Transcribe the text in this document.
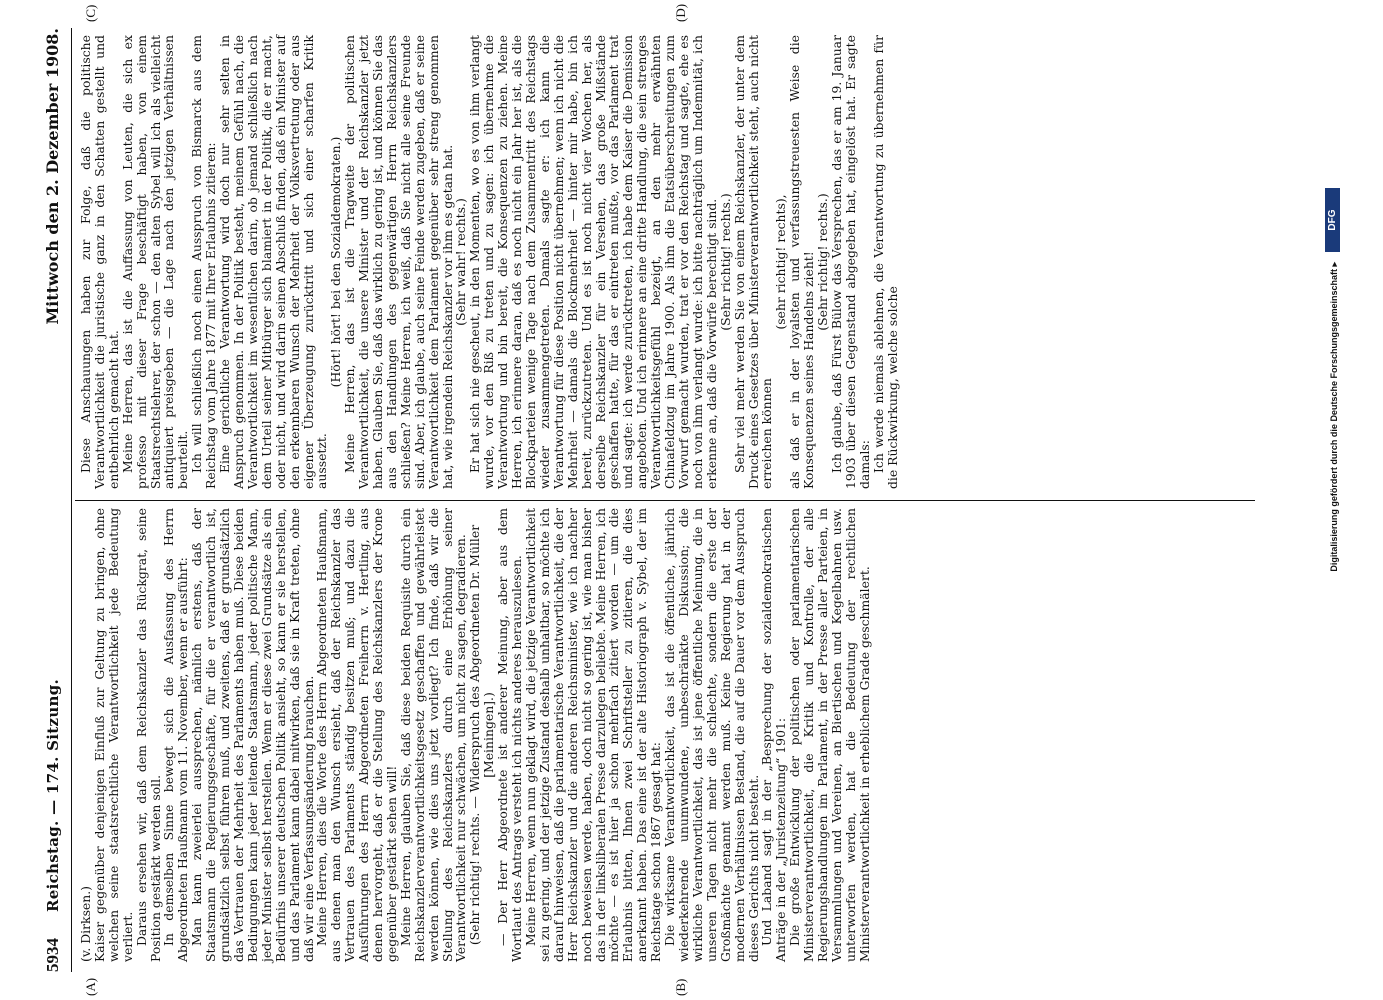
5934
Reichstag. — 174. Sitzung.
Mittwoch den 2. Dezember 1908.
(A)	(B)
(C)	(D)

(v. Dirksen.)

Kaiser gegenüber denjenigen Einfluß zur Geltung zu bringen, ohne welchen seine staatsrechtliche Verantwortlichkeit jede Bedeutung verliert.

Daraus ersehen wir, daß dem Reichskanzler das Rückgrat, seine Position gestärkt werden soll.

In demselben Sinne bewegt sich die Ausfassung des Herrn Abgeordneten Haußmann vom 11. November, wenn er ausführt:

Man kann zweierlei aussprechen, nämlich erstens, daß der Staatsmann die Regierungsgeschäfte, für die er verantwortlich ist, grundsätzlich selbst führen muß, und zweitens, daß er grundsätzlich das Vertrauen der Mehrheit des Parlaments haben muß. Diese beiden Bedingungen kann jeder leitende Staatsmann, jeder politische Mann, jeder Minister selbst herstellen. Wenn er diese zwei Grundsätze als ein Bedürfnis unserer deutschen Politik ansieht, so kann er sie herstellen, und das Parlament kann dabei mitwirken, daß sie in Kraft treten, ohne daß wir eine Verfassungsänderung brauchen.

Meine Herren, dies die Worte des Herrn Abgeordneten Haußmann, aus denen man den Wunsch ersieht, daß der Reichskanzler das Vertrauen des Parlaments ständig besitzen muß; und dazu die Ausführungen des Herrn Abgeordneten Freiherrn v. Hertling, aus denen hervorgeht, daß er die Stellung des Reichskanzlers der Krone gegenüber gestärkt sehen will!

Meine Herren, glauben Sie, daß diese beiden Requisite durch ein Reichskanzlerverantwortlichkeitsgesetz geschaffen und gewährleistet werden können, wie dies uns jetzt vorliegt? Ich finde, daß wir die Stellung des Reichskanzlers durch eine Erhöhung seiner Verantwortlichkeit nur schwächen, um nicht zu sagen, degradieren.

(Sehr richtig! rechts. — Widerspruch des Abgeordneten Dr. Müller [Meiningen].)

— Der Herr Abgeordnete ist anderer Meinung, aber aus dem Wortlaut des Antrags versteht ich nichts anderes herauszulesen.

Meine Herren, wenn nun geklagt wird, die jetzige Verantwortlichkeit sei zu gering, und der jetzige Zustand deshalb unhaltbar, so möchte ich darauf hinweisen, daß die parlamentarische Verantwortlichkeit, die der Herr Reichskanzler und die anderen Reichsminister, wie ich nachher noch beweisen werde, haben, doch nicht so gering ist, wie man bisher das in der linksliberalen Presse darzulegen beliebte. Meine Herren, ich möchte — es ist hier ja schon mehrfach zitiert worden — um die Erlaubnis bitten, Ihnen zwei Schriftsteller zu zitieren, die dies anerkannt haben. Das eine ist der alte Historiograph v. Sybel, der im Reichstage schon 1867 gesagt hat:

Die wirksame Verantwortlichkeit, das ist die öffentliche, jährlich wiederkehrende unumwundene, unbeschränkte Diskussion; die wirkliche Verantwortlichkeit, das ist jene öffentliche Meinung, die in unseren Tagen nicht mehr die schlechte, sondern die erste der Großmächte genannt werden muß. Keine Regierung hat in der modernen Verhältnissen Bestand, die auf die Dauer vor dem Ausspruch dieses Gerichts nicht besteht.

Und Laband sagt in der „Besprechung der sozialdemokratischen Anträge in der „Juristenzeitung“ 1901:

Die große Entwicklung der politischen oder parlamentarischen Ministerverantwortlichkeit, die Kritik und Kontrolle, der alle Regierungshandlungen im Parlament, in der Presse aller Parteien, in Versammlungen und Vereinen, an Biertischen und Kegelbahnen usw. unterworfen werden, hat die Bedeutung der rechtlichen Ministerverantwortlichkeit in erheblichem Grade geschmälert.

Diese Anschauungen haben zur Folge, daß die politische Verantwortlichkeit die juristische ganz in den Schatten gestellt und entbehrlich gemacht hat.

Meine Herren, das ist die Auffassung von Leuten, die sich ex professo mit dieser Frage beschäftigt haben, von einem Staatsrechtslehrer, der schon — den alten Sybel will ich als vielleicht antiquiert preisgeben — die Lage nach den jetzigen Verhältnissen beurteilt.

Ich will schließlich noch einen Ausspruch von Bismarck aus dem Reichstag vom Jahre 1877 mit Ihrer Erlaubnis zitieren:

Eine gerichtliche Verantwortung wird doch nur sehr selten in Anspruch genommen. In der Politik besteht, meinem Gefühl nach, die Verantwortlichkeit im wesentlichen darin, ob jemand schließlich nach dem Urteil seiner Mitbürger sich blamiert in der Politik, die er macht, oder nicht, und wird darin seinen Abschluß finden, daß ein Minister auf den erkennbaren Wunsch der Mehrheit der Volksvertretung oder aus eigener Überzeugung zurücktritt und sich einer scharfen Kritik aussetzt.

(Hört! hört! bei den Sozialdemokraten.)

Meine Herren, das ist die Tragweite der politischen Verantwortlichkeit, die unsere Minister und der Reichskanzler jetzt haben. Glauben Sie, daß das wirklich zu gering ist, und können Sie das aus den Handlungen des gegenwärtigen Herrn Reichskanzlers schließen? Meine Herren, ich weiß, daß Sie nicht alle seine Freunde sind. Aber, ich glaube, auch seine Feinde werden zugeben, daß er seine Verantwortlichkeit dem Parlament gegenüber sehr streng genommen hat, wie irgendein Reichskanzler vor ihm es getan hat.

(Sehr wahr! rechts.)

Er hat sich nie gescheut, in den Momenten, wo es von ihm verlangt wurde, vor den Riß zu treten und zu sagen: ich übernehme die Verantwortung und bin bereit, die Konsequenzen zu ziehen. Meine Herren, ich erinnere daran, daß es noch nicht ein Jahr her ist, als die Blockparteien wenige Tage nach dem Zusammentritt des Reichstags wieder zusammengetreten. Damals sagte er: ich kann die Verantwortung für diese Position nicht übernehmen; wenn ich nicht die Mehrheit — damals die Blockmehrheit — hinter mir habe, bin ich bereit, zurückzutreten. Und es ist noch nicht vier Wochen her, als derselbe Reichskanzler für ein Versehen, das große Mißstände geschaffen hatte, für das er eintreten mußte, vor das Parlament trat und sagte: ich werde zurücktreten, ich habe dem Kaiser die Demission angeboten. Und ich erinnere an eine dritte Handlung, die sein strenges Verantwortlichkeitsgefühl bezeigt, an den mehr erwähnten Chinafeldzug im Jahre 1900. Als ihm die Etatsüberschreitungen zum Vorwurf gemacht wurden, trat er vor den Reichstag und sagte, ehe es noch von ihm verlangt wurde: ich bitte nachträglich um Indemnität, ich erkenne an, daß die Vorwürfe berechtigt sind.

(Sehr richtig! rechts.)

Sehr viel mehr werden Sie von einem Reichskanzler, der unter dem Druck eines Gesetzes über Ministerverantwortlichkeit steht, auch nicht erreichen können

(sehr richtig! rechts),

als daß er in der loyalsten und verfassungstreuesten Weise die Konsequenzen seines Handelns zieht!

(Sehr richtig! rechts.)

Ich glaube, daß Fürst Bülow das Versprechen, das er am 19. Januar 1903 über diesen Gegenstand abgegeben hat, eingelöst hat. Er sagte damals:

Ich werde niemals ablehnen, die Verantwortung zu übernehmen für die Rückwirkung, welche solche

DFG
Digitalisierung gefördert durch die Deutsche Forschungsgemeinschaft ▸
